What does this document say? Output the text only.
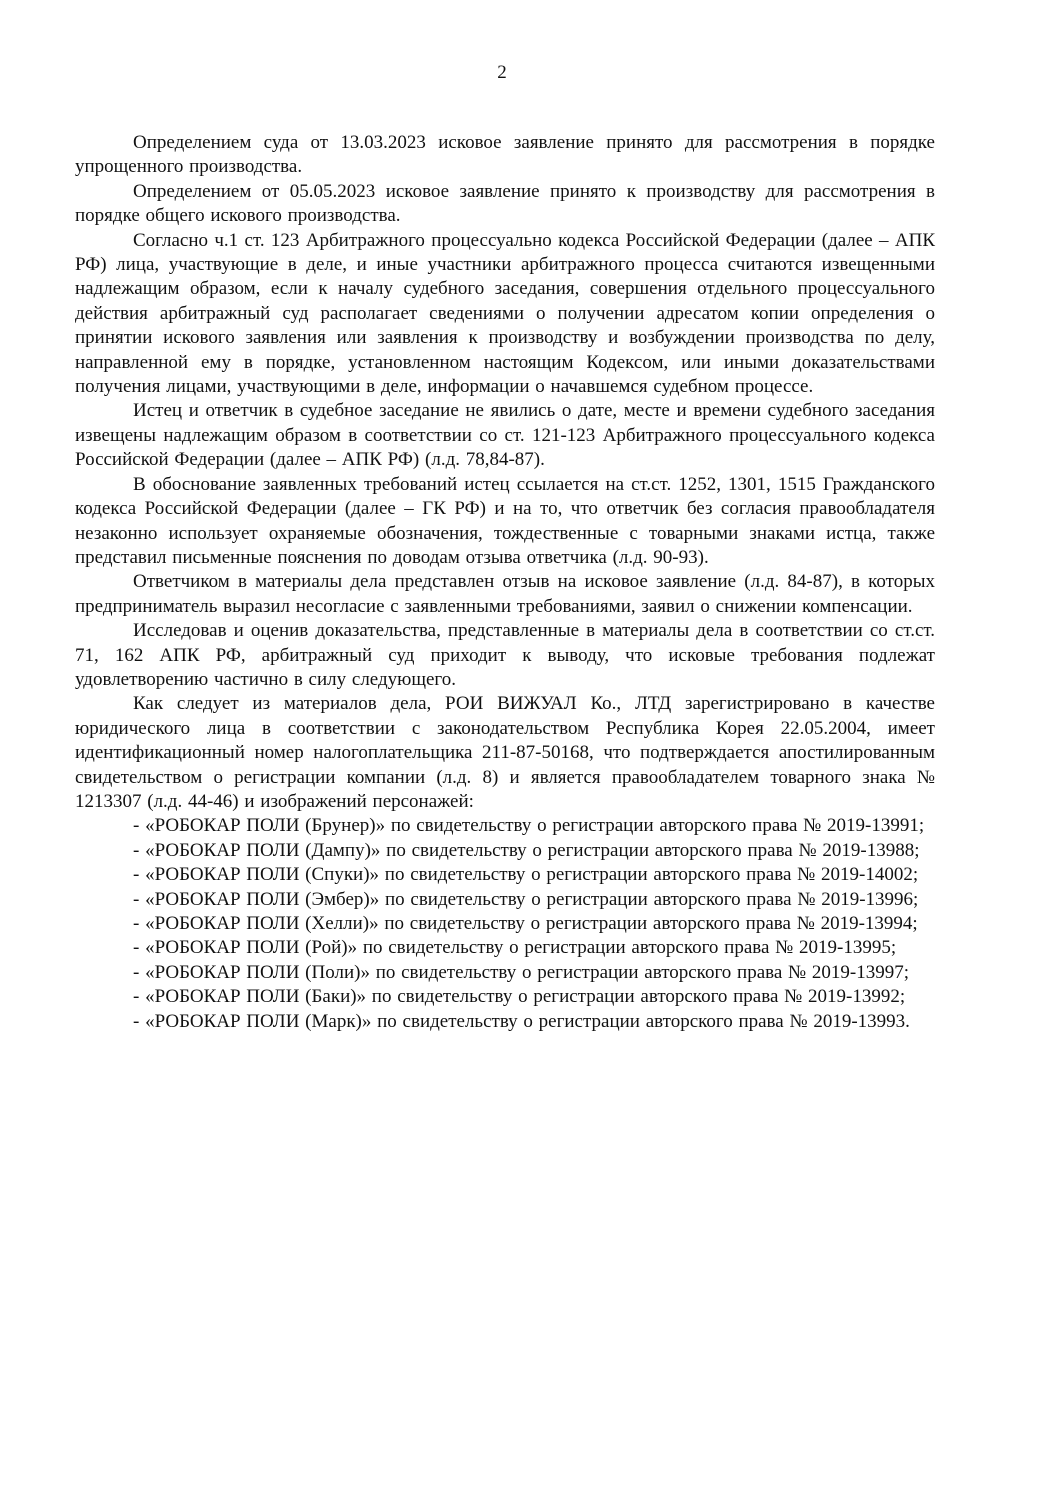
2

Определением суда от 13.03.2023 исковое заявление принято для рассмотрения в порядке упрощенного производства.

Определением от 05.05.2023 исковое заявление принято к производству для рассмотрения в порядке общего искового производства.

Согласно ч.1 ст. 123 Арбитражного процессуально кодекса Российской Федерации (далее – АПК РФ) лица, участвующие в деле, и иные участники арбитражного процесса считаются извещенными надлежащим образом, если к началу судебного заседания, совершения отдельного процессуального действия арбитражный суд располагает сведениями о получении адресатом копии определения о принятии искового заявления или заявления к производству и возбуждении производства по делу, направленной ему в порядке, установленном настоящим Кодексом, или иными доказательствами получения лицами, участвующими в деле, информации о начавшемся судебном процессе.

Истец и ответчик в судебное заседание не явились о дате, месте и времени судебного заседания извещены надлежащим образом в соответствии со ст. 121-123 Арбитражного процессуального кодекса Российской Федерации (далее – АПК РФ) (л.д. 78,84-87).

В обоснование заявленных требований истец ссылается на ст.ст. 1252, 1301, 1515 Гражданского кодекса Российской Федерации (далее – ГК РФ) и на то, что ответчик без согласия правообладателя незаконно использует охраняемые обозначения, тождественные с товарными знаками истца, также представил письменные пояснения по доводам отзыва ответчика (л.д. 90-93).

Ответчиком в материалы дела представлен отзыв на исковое заявление (л.д. 84-87), в которых предприниматель выразил несогласие с заявленными требованиями, заявил о снижении компенсации.

Исследовав и оценив доказательства, представленные в материалы дела в соответствии со ст.ст. 71, 162 АПК РФ, арбитражный суд приходит к выводу, что исковые требования подлежат удовлетворению частично в силу следующего.

Как следует из материалов дела, РОИ ВИЖУАЛ Ко., ЛТД зарегистрировано в качестве юридического лица в соответствии с законодательством Республика Корея 22.05.2004, имеет идентификационный номер налогоплательщика 211-87-50168, что подтверждается апостилированным свидетельством о регистрации компании (л.д. 8) и является правообладателем товарного знака № 1213307 (л.д. 44-46) и изображений персонажей:

- «РОБОКАР ПОЛИ (Брунер)» по свидетельству о регистрации авторского права № 2019-13991;

- «РОБОКАР ПОЛИ (Дампу)» по свидетельству о регистрации авторского права № 2019-13988;

- «РОБОКАР ПОЛИ (Спуки)» по свидетельству о регистрации авторского права № 2019-14002;

- «РОБОКАР ПОЛИ (Эмбер)» по свидетельству о регистрации авторского права № 2019-13996;

- «РОБОКАР ПОЛИ (Хелли)» по свидетельству о регистрации авторского права № 2019-13994;

- «РОБОКАР ПОЛИ (Рой)» по свидетельству о регистрации авторского права № 2019-13995;

- «РОБОКАР ПОЛИ (Поли)» по свидетельству о регистрации авторского права № 2019-13997;

- «РОБОКАР ПОЛИ (Баки)» по свидетельству о регистрации авторского права № 2019-13992;

- «РОБОКАР ПОЛИ (Марк)» по свидетельству о регистрации авторского права № 2019-13993.
